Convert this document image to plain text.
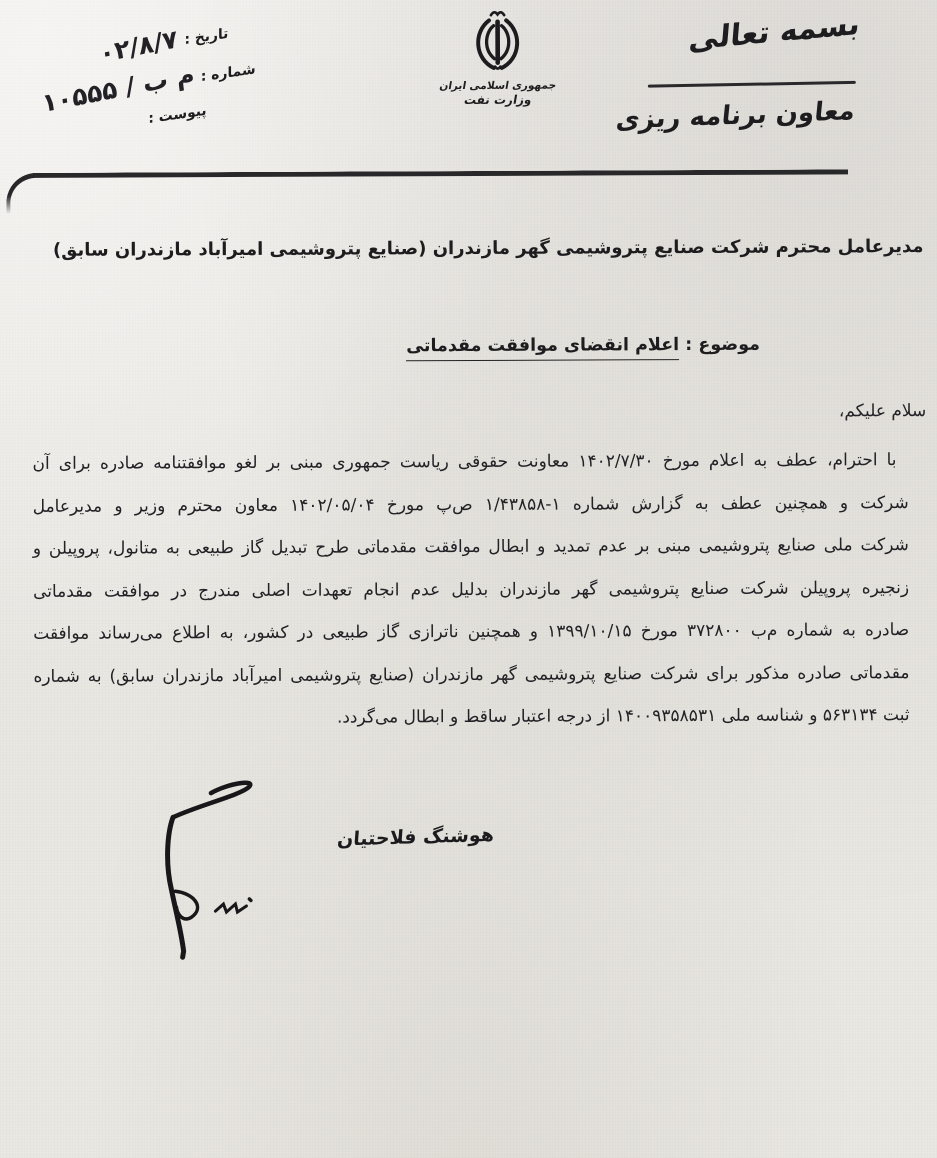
تاریخ :
۰۲/۸/۷
شماره :
م ب / ۱۰۵۵۵
پیوست :
جمهوری اسلامی ایران
وزارت نفت
بسمه تعالی
معاون برنامه ریزی
مدیرعامل محترم شرکت صنایع پتروشیمی گهر مازندران (صنایع پتروشیمی امیرآباد مازندران سابق)
موضوع : اعلام انقضای موافقت مقدماتی
سلام علیکم،
با احترام، عطف به اعلام مورخ ۱۴۰۲/۷/۳۰ معاونت حقوقی ریاست جمهوری مبنی بر لغو موافقتنامه صادره برای آن
شرکت و همچنین عطف به گزارش شماره ۱-۱/۴۳۸۵۸ ص‌پ مورخ ۱۴۰۲/۰۵/۰۴ معاون محترم وزیر و مدیرعامل
شرکت ملی صنایع پتروشیمی مبنی بر عدم تمدید و ابطال موافقت مقدماتی طرح تبدیل گاز طبیعی به متانول، پروپیلن و
زنجیره پروپیلن شرکت صنایع پتروشیمی گهر مازندران بدلیل عدم انجام تعهدات اصلی مندرج در موافقت مقدماتی
صادره به شماره م‌ب ۳۷۲۸۰۰ مورخ ۱۳۹۹/۱۰/۱۵ و همچنین ناترازی گاز طبیعی در کشور، به اطلاع می‌رساند موافقت
مقدماتی صادره مذکور برای شرکت صنایع پتروشیمی گهر مازندران (صنایع پتروشیمی امیرآباد مازندران سابق) به شماره
ثبت ۵۶۳۱۳۴ و شناسه ملی ۱۴۰۰۹۳۵۸۵۳۱ از درجه اعتبار ساقط و ابطال می‌گردد.
هوشنگ فلاحتیان
